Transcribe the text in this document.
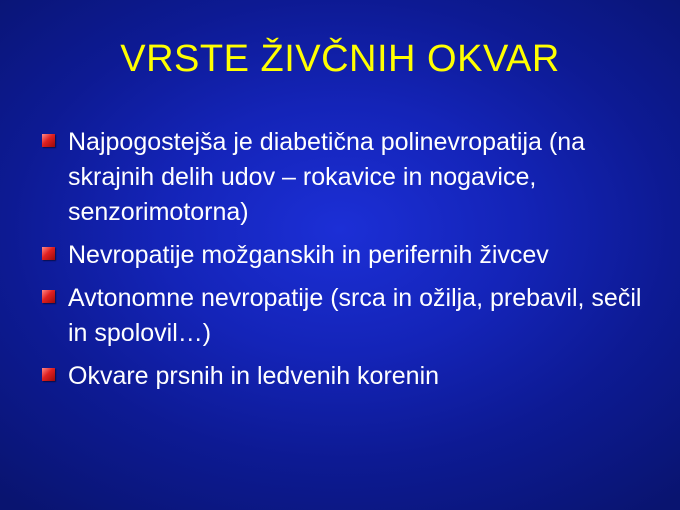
VRSTE ŽIVČNIH OKVAR
Najpogostejša je diabetična polinevropatija (na skrajnih delih udov – rokavice in nogavice, senzorimotorna)
Nevropatije možganskih in perifernih živcev
Avtonomne nevropatije (srca in ožilja, prebavil, sečil in spolovil…)
Okvare prsnih in ledvenih korenin
